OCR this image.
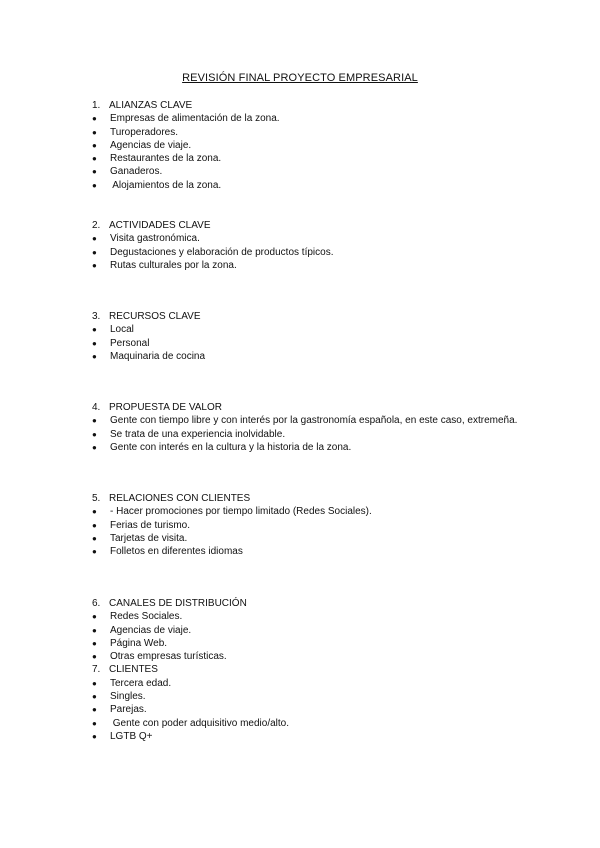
REVISIÓN FINAL PROYECTO EMPRESARIAL
1. ALIANZAS CLAVE
● Empresas de alimentación de la zona.
● Turoperadores.
● Agencias de viaje.
● Restaurantes de la zona.
● Ganaderos.
● Alojamientos de la zona.
2. ACTIVIDADES CLAVE
● Visita gastronómica.
● Degustaciones y elaboración de productos típicos.
● Rutas culturales por la zona.
3. RECURSOS CLAVE
● Local
● Personal
● Maquinaria de cocina
4. PROPUESTA DE VALOR
● Gente con tiempo libre y con interés por la gastronomía española, en este caso, extremeña.
● Se trata de una experiencia inolvidable.
● Gente con interés en la cultura y la historia de la zona.
5. RELACIONES CON CLIENTES
● - Hacer promociones por tiempo limitado (Redes Sociales).
● Ferias de turismo.
● Tarjetas de visita.
● Folletos en diferentes idiomas
6. CANALES DE DISTRIBUCIÓN
● Redes Sociales.
● Agencias de viaje.
● Página Web.
● Otras empresas turísticas.
7. CLIENTES
● Tercera edad.
● Singles.
● Parejas.
● Gente con poder adquisitivo medio/alto.
● LGTB Q+
